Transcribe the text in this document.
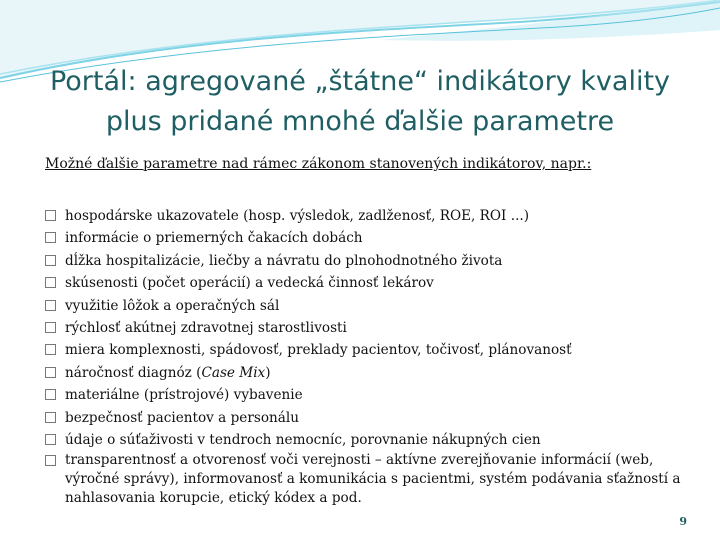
Portál: agregované „štátne“ indikátory kvality
plus pridané mnohé ďalšie parametre
Možné ďalšie parametre nad rámec zákonom stanovených indikátorov, napr.:
hospodárske ukazovatele (hosp. výsledok, zadlženosť, ROE, ROI ...)
informácie o priemerných čakacích dobách
dĺžka hospitalizácie, liečby a návratu do plnohodnotného života
skúsenosti (počet operácií) a vedecká činnosť lekárov
využitie lôžok a operačných sál
rýchlosť akútnej zdravotnej starostlivosti
miera komplexnosti, spádovosť, preklady pacientov, točivosť, plánovanosť
náročnosť diagnóz (Case Mix)
materiálne (prístrojové) vybavenie
bezpečnosť pacientov a personálu
údaje o súťaživosti v tendroch nemocníc, porovnanie nákupných cien
transparentnosť a otvorenosť voči verejnosti – aktívne zverejňovanie informácií (web, výročné správy), informovanosť a komunikácia s pacientmi, systém podávania sťažností a nahlasovania korupcie, etický kódex a pod.
9
